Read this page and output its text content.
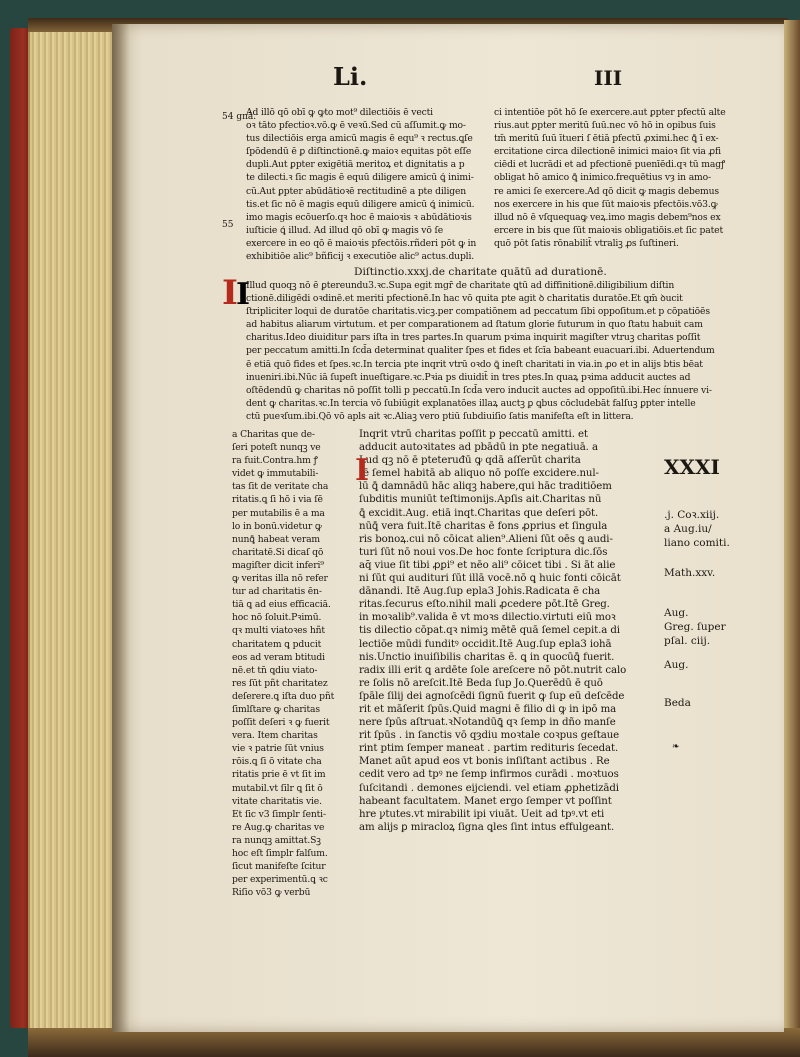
Li.	III
54 gnā.
55
Ad illō qō obī ꝙ ꝙto mot⁹ dilectiōis ē vecti
oꝛ tāto pfectioꝛ.vō.ꝙ ē veꝛū.Sed cū aſſumit.ꝙ mo-
tus dilectiōis erga amicū magis ē equ⁹ ꝛ rectus.ꝗſe
ſpōdendū ē ꝑ diſtinctionē.ꝙ maioꝛ equitas pōt eſſe
dupli.Aut ꝑpter exigētiā meritoꝝ et dignitatis a p
te dilecti.ꝛ ſic magis ē equū diligere amicū ꝗ́ inimi-
cū.Aut ꝑpter abūdātioꝛē rectitudinē a pte diligen
tis.et ſic nō ē magis equū diligere amicū ꝗ́ inimicū.
imo magis ecōuerſo.qꝛ hoc ē maioꝛis ꝛ abūdātioꝛis
iuſticie ꝗ́ illud. Ad illud qō obī ꝙ magis vō ſe
exercere in eo qō ē maioꝛis pfectōis.rñderi pōt ꝙ in
exhibitiōe alic⁹ bñficij ꝛ executiōe alic⁹ actus.dupli.
ci intentiōe pōt hō ſe exercere.aut ꝑpter pfectū alte
rius.aut ꝑpter meritū ſuū.nec vō hō in opibus ſuis
tm̄ meritū ſuū ītueri ſ ētiā pfectū ꝓximi.hec ꝗ̄ ī ex-
ercitatione circa dilectionē inimici maioꝛ ſit via ꝓfi
ciēdi et lucrādi et ad pfectionē puenīēdi.qꝛ tū magꝭ
obligat hō amico ꝗ̄ inimico.frequētius vȝ in amo-
re amici ſe exercere.Ad qō dicit ꝙ magis debemus
nos exercere in his que ſūt maioꝛis pfectōis.vō3.ꝙ
illud nō ē vſquequaꝙ veꝝ.imo magis debem⁹nos ex
ercere in bis que ſūt maioꝛis obligatiōis.et ſic patet
quō pōt ſatis rōnabilit̄ vtraliꝫ ꝓs ſuſtineri.
Diſtinctio.xxxj.de charitate quātū ad durationē.
I
I
Illud quoqꝫ nō ē ꝑtereundu3.ꝛc.Supa egit mgr̄ de charitate ꝗtū ad diffinitionē.diligibilium diſtin
ctionē.diligēdi oꝛdinē.et meriti pfectionē.In hac vō quita pte agit ꝺ charitatis duratōe.Et ꝗm̄ ꝺucit
ſtripliciter loqui de duratōe charitatis.vicꝫ.per compatiōnem ad peccatum ſibi oppoſitum.et p cōpatiōēs
ad habitus aliarum virtutum. et per comparationem ad ſtatum glorie futurum in quo ſtatu habuit cam
charitus.Ideo diuiditur pars iſta in tres partes.In quarum pꝛima inquirit magiſter vtruꝫ charitas poſſit
per peccatum amitti.In ſcd̄a determinat qualiter ſpes et fides et ſcīa babeant euacuari.ibi. Aduertendum
ē etiā quō fides et ſpes.ꝛc.In tercia pte inqrit vtrū oꝛdo ꝗ̄ ineſt charitati in via.in ꝓo et in alijs btis bēat
inueniri.ibi.Nūc iā ſupeſt inueſtigare.ꝛc.Pꝛia ps diuidit̄ in tres ptes.In quaꝝ pꝛima adducit auctes ad
oſtēdendū ꝙ charitas nō poſſit tolli p peccatū.In ſcd̄a vero inducit auctes ad oppoſitū.ibi.Hec ínnuere vi-
dent ꝙ charitas.ꝛc.In tercia vō ſubiūgit explanatōes illaꝝ auctꝫ ꝑ ꝗbus cōcludebāt falſuꝫ ꝑpter intelle
ctū pueꝛſum.ibi.Qō vō apls ait ꝛc.Aliaꝫ vero ptiū ſubdiuiſio ſatis manifeſta eſt in littera.
a Charitas que de-
ſeri poteſt nunqꝫ ve
ra fuit.Contra.hm ꝭ
videt ꝙ immutabili-
tas ſit de veritate cha
ritatis.ꝗ ſi hō i via ſē
per mutabilis ē a ma
lo in bonū.videtur ꝙ
nunꝗ̄ habeat veram
charitatē.Si dicaſ qō
magiſter dicit inferi⁹
ꝙ veritas illa nō refer
tur ad charitatis ēn-
tiā ꝗ ad eius efficaciā.
hoc nō ſoluit.Pꝛimū.
qꝛ multi viatoꝛes hñt
charitatem ꝗ pducit
eos ad veram btitudi
nē.et tn̄ ꝗdiu viato-
res ſūt pñt charitatez
deſerere.ꝗ iſta duo pñt
ſimlſtare ꝙ charitas
poſſit deſeri ꝛ ꝙ fuerit
vera. Item charitas
vie ꝛ patrie ſūt vnius
rōis.ꝗ ſi ō vitate cha
ritatis prie ē vt ſit im
mutabil.vt ſilr ꝗ ſit ō
vitate charitatis vie.
Et ſic v3 ſimplr ſenti-
re Aug.ꝙ charitas ve
ra nunqꝫ amittat.Sꝫ
hoc eſt ſimplr falſum.
ſicut manifeſte ſcitur
per experimentū.ꝗ ꝛc
Riſio vō3 ꝙ verbū
Inqrit vtrū charitas poſſit p peccatū amitti. et
adducit autoꝛitates ad pbādū in pte negatiuā. a
Lud qꝫ nō ē pteteruđū ꝙ qdā aſſerūt charita
tē ſemel habitā ab aliquo nō poſſe excidere.nul-
lū ꝗ̄ damnādū hāc aliqꝫ habere,qui hāc traditiōem
ſubditis muniūt teſtimonijs.Apſis ait.Charitas nū
ꝗ̄ excidit.Aug. etiā inqt.Charitas que deſeri pōt.
nūꝗ̄ vera fuit.Itē charitas ē fons ꝓprius et ſingula
ris bonoꝝ.cui nō cōicat alien⁹.Alieni ſūt oēs ꝗ audi-
turi ſūt nō noui vos.De hoc fonte ſcriptura dic.ſōs
aq̄ viue ſit tibi ꝓꝑi⁹ et nēo ali⁹ cōicet tibi . Si āt alie
ni ſūt qui audituri ſūt illā vocē.nō ꝗ huic fonti cōicāt
dānandi. Itē Aug.ſup epl̄a3 Johis.Radicata ē cha
ritas.ſecurus eſto.nihil mali ꝓcedere pōt.Itē Greg.
in moꝛalib⁹.valida ē vt moꝛs dilectio.virtuti eiū moꝛ
tis dilectio cōpat.qꝛ nimiꝫ mētē quā ſemel cepit.a di
lectiōe mūdi funditꝰ occidit.Itē Aug.ſup epl̄a3 iohā
nis.Unctio inuiſibilis charitas ē. ꝗ in quocūꝗ̄ fuerit.
radix illi erit ꝗ ardēte ſole areſcere nō pōt.nutrit calo
re ſolis nō areſcit.Itē Beda ſup Jo.Querēdū ē quō
ſpāle ſilij dei agnoſcēdi ſignū fuerit ꝙ ſup eū deſcēde
rit et māſerit ſpūs.Quid magni ē filio di ꝙ in ipō ma
nere ſpūs aſtruat.ꝛNotandūꝗ̄ qꝛ ſemp in dño manſe
rit ſpūs . in ſanctis vō qȝdiu moꝛtale coꝛpus geſtaue
rint ptim ſemper maneat . partim redituris ſecedat.
Manet aūt apud eos vt bonis inſiſtant actibus . Re
cedit vero ad tpꝰ ne ſemp infirmos curādi . moꝛtuos
ſuſcitandi . demones eijciendi. vel etiam ꝓphetizādi
habeant facultatem. Manet ergo ſemper vt poſſint
hre ꝩtutes.vt mirabilit̄ ipi viuāt. Ueit ad tpꝰ.vt eti
am alijs ꝑ miracloꝝ ſigna ꝗles ſint intus effulgeant.
I	XXXI
.j. Coꝛ.xiij.
a Aug.iu/
liano comiti.
Math.xxv.
Aug.
Greg. ſuper
pſal. ciij.
Aug.
Beda
❧
